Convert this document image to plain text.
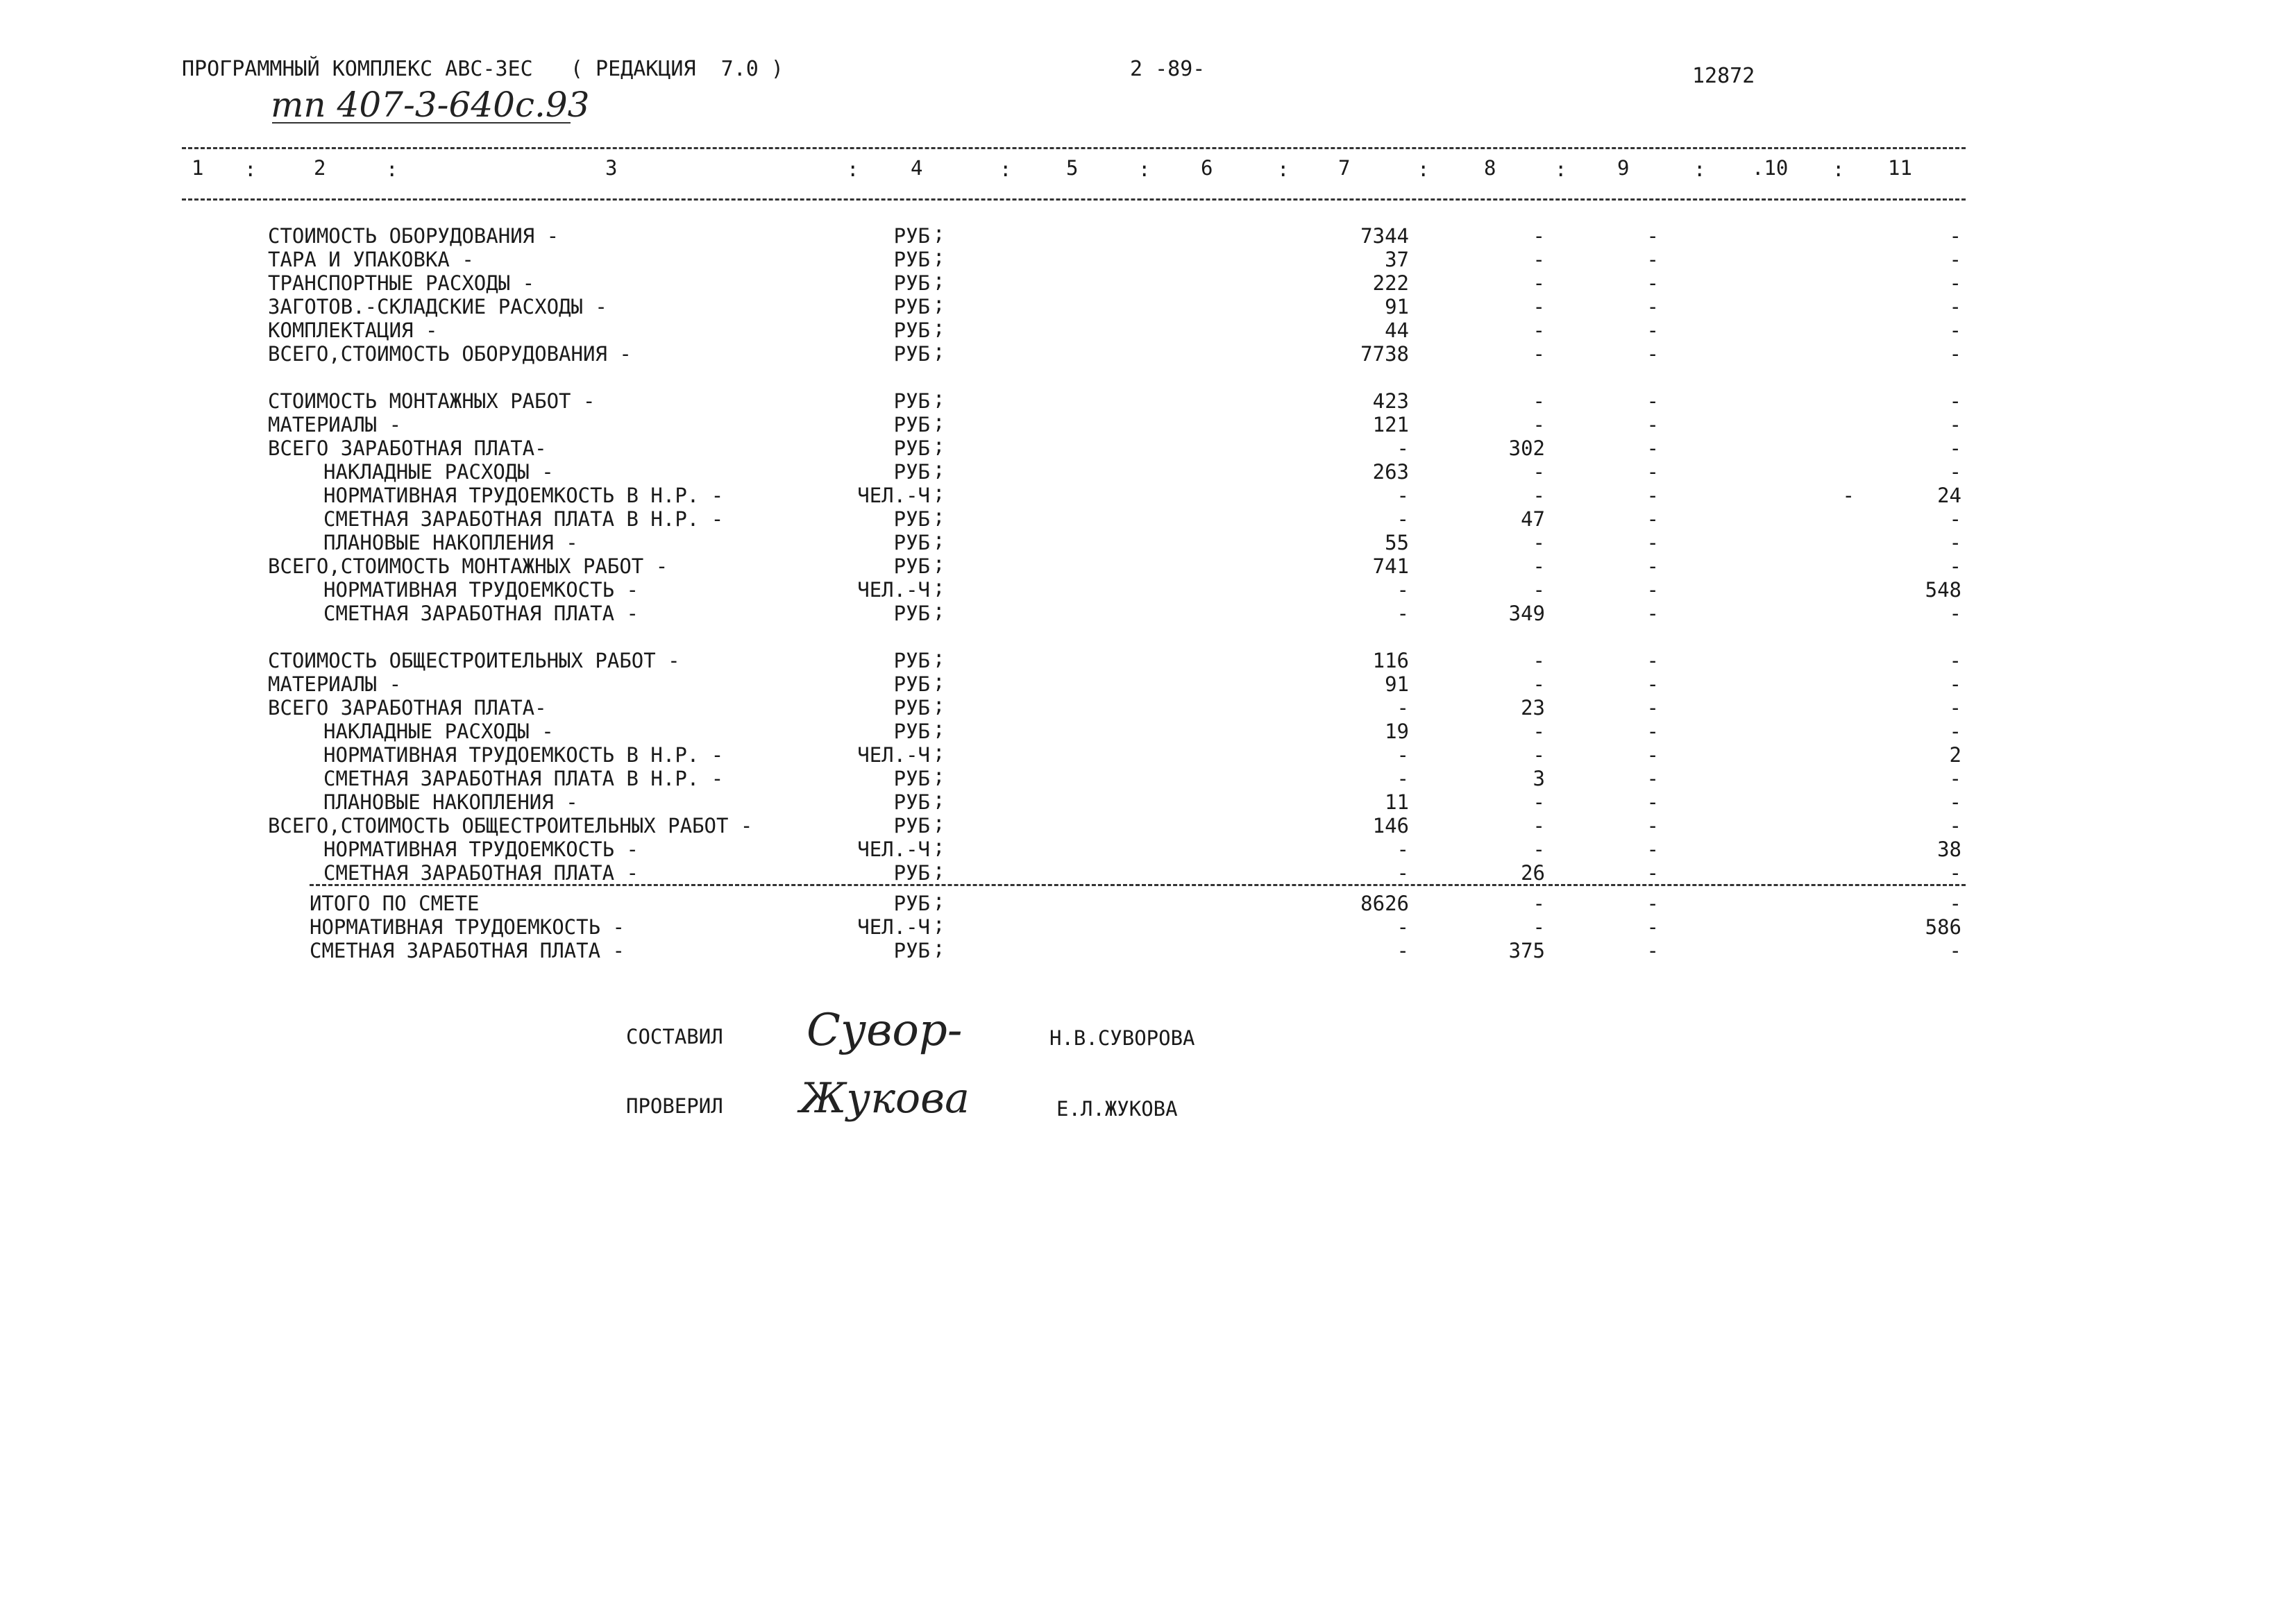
ПРОГРАММНЫЙ КОМПЛЕКС АВС-3ЕС   ( РЕДАКЦИЯ  7.0 )	2 -89-	12872
тп 407-3-640с.93
1	2	3	4	5	6	7	8	9	.10	11
:	:	:	:	:	:	:	:	:	:
СТОИМОСТЬ ОБОРУДОВАНИЯ -	РУБ ;	7344	-	-	-
ТАРА И УПАКОВКА -	РУБ ;	37	-	-	-
ТРАНСПОРТНЫЕ РАСХОДЫ -	РУБ ;	222	-	-	-
ЗАГОТОВ.-СКЛАДСКИЕ РАСХОДЫ -	РУБ ;	91	-	-	-
КОМПЛЕКТАЦИЯ -	РУБ ;	44	-	-	-
ВСЕГО,СТОИМОСТЬ ОБОРУДОВАНИЯ -	РУБ ;	7738	-	-	-
СТОИМОСТЬ МОНТАЖНЫХ РАБОТ -	РУБ ;	423	-	-	-
МАТЕРИАЛЫ -	РУБ ;	121	-	-	-
ВСЕГО ЗАРАБОТНАЯ ПЛАТА-	РУБ ;	-	302	-	-
НАКЛАДНЫЕ РАСХОДЫ -	РУБ ;	263	-	-	-
НОРМАТИВНАЯ ТРУДОЕМКОСТЬ В Н.Р. -	ЧЕЛ.-Ч ;	-	-	-	-	24
СМЕТНАЯ ЗАРАБОТНАЯ ПЛАТА В Н.Р. -	РУБ ;	-	47	-	-
ПЛАНОВЫЕ НАКОПЛЕНИЯ -	РУБ ;	55	-	-	-
ВСЕГО,СТОИМОСТЬ МОНТАЖНЫХ РАБОТ -	РУБ ;	741	-	-	-
НОРМАТИВНАЯ ТРУДОЕМКОСТЬ -	ЧЕЛ.-Ч ;	-	-	-	548
СМЕТНАЯ ЗАРАБОТНАЯ ПЛАТА -	РУБ ;	-	349	-	-
СТОИМОСТЬ ОБЩЕСТРОИТЕЛЬНЫХ РАБОТ -	РУБ ;	116	-	-	-
МАТЕРИАЛЫ -	РУБ ;	91	-	-	-
ВСЕГО ЗАРАБОТНАЯ ПЛАТА-	РУБ ;	-	23	-	-
НАКЛАДНЫЕ РАСХОДЫ -	РУБ ;	19	-	-	-
НОРМАТИВНАЯ ТРУДОЕМКОСТЬ В Н.Р. -	ЧЕЛ.-Ч ;	-	-	-	2
СМЕТНАЯ ЗАРАБОТНАЯ ПЛАТА В Н.Р. -	РУБ ;	-	3	-	-
ПЛАНОВЫЕ НАКОПЛЕНИЯ -	РУБ ;	11	-	-	-
ВСЕГО,СТОИМОСТЬ ОБЩЕСТРОИТЕЛЬНЫХ РАБОТ -	РУБ ;	146	-	-	-
НОРМАТИВНАЯ ТРУДОЕМКОСТЬ -	ЧЕЛ.-Ч ;	-	-	-	38
СМЕТНАЯ ЗАРАБОТНАЯ ПЛАТА -	РУБ ;	-	26	-	-
ИТОГО ПО СМЕТЕ	РУБ ;	8626	-	-	-
НОРМАТИВНАЯ ТРУДОЕМКОСТЬ -	ЧЕЛ.-Ч ;	-	-	-	586
СМЕТНАЯ ЗАРАБОТНАЯ ПЛАТА -	РУБ ;	-	375	-	-
СОСТАВИЛ Сувор-	Н.В.СУВОРОВА
ПРОВЕРИЛ Жукова	Е.Л.ЖУКОВА
